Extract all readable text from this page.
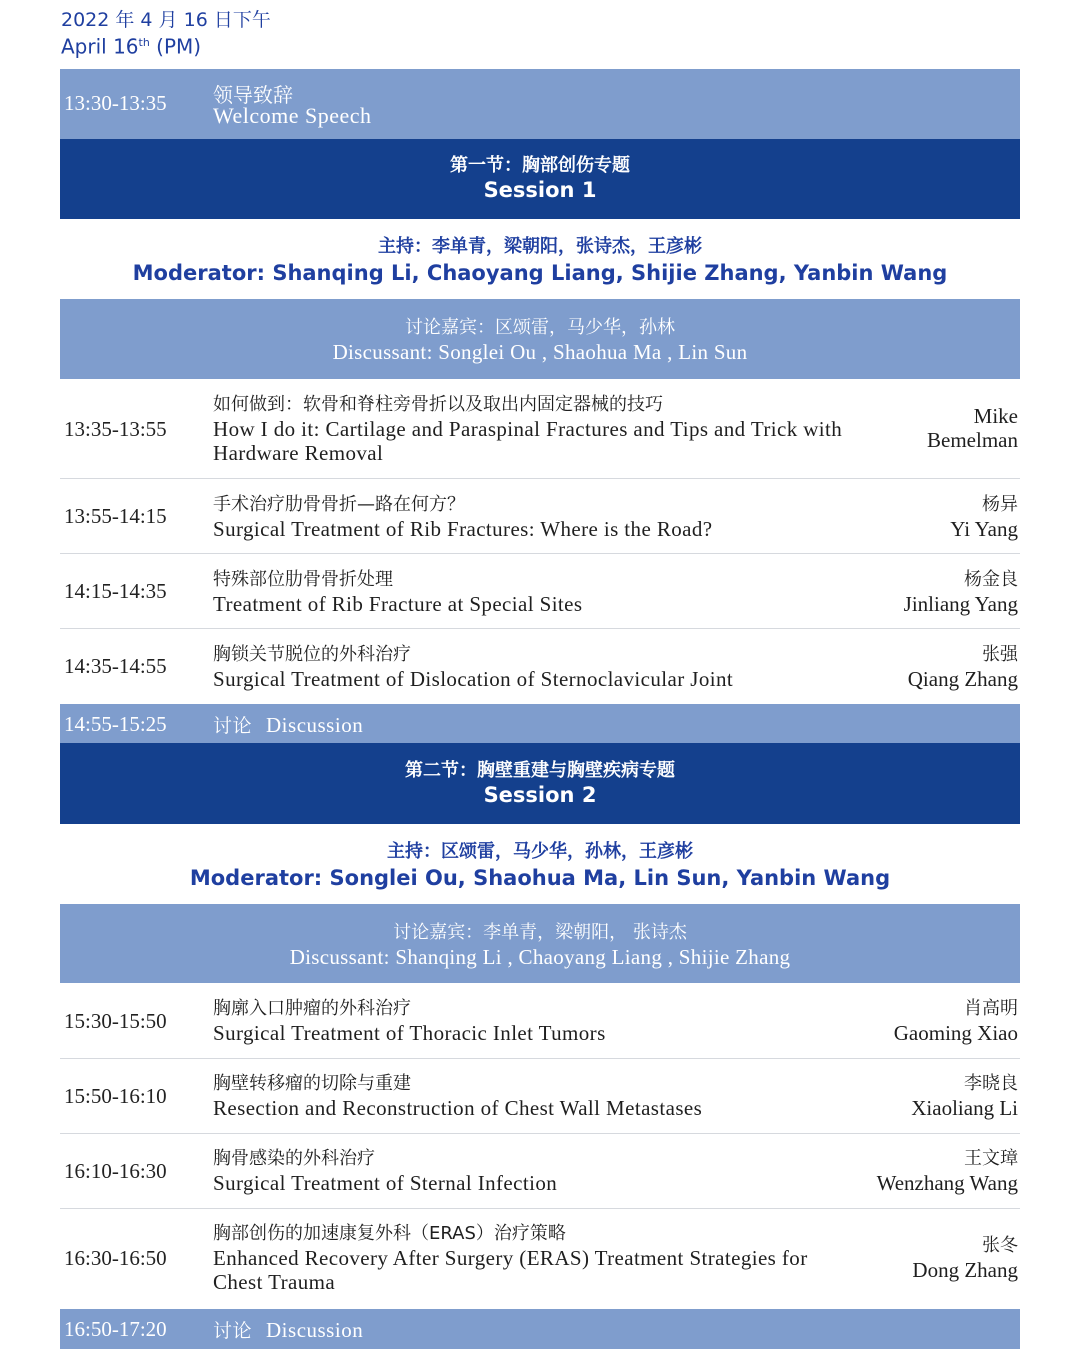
2022 年 4 月 16 日下午
April 16th (PM)
13:30-13:35 领导致辞
Welcome Speech
第一节：胸部创伤专题
Session 1
主持：李单青，梁朝阳，张诗杰，王彦彬
Moderator: Shanqing Li, Chaoyang Liang, Shijie Zhang, Yanbin Wang
讨论嘉宾：区颂雷，马少华，孙林
Discussant: Songlei Ou , Shaohua Ma , Lin Sun
13:35-13:55
如何做到：软骨和脊柱旁骨折以及取出内固定器械的技巧
How I do it: Cartilage and Paraspinal Fractures and Tips and Trick with Hardware Removal
Mike
Bemelman
13:55-14:15	手术治疗肋骨骨折—路在何方？
Surgical Treatment of Rib Fractures: Where is the Road?
杨异
Yi Yang
14:15-14:35	特殊部位肋骨骨折处理
Treatment of Rib Fracture at Special Sites
杨金良
Jinliang Yang
14:35-14:55	胸锁关节脱位的外科治疗
Surgical Treatment of Dislocation of Sternoclavicular Joint
张强
Qiang Zhang
14:55-15:25 讨论 Discussion
第二节：胸壁重建与胸壁疾病专题
Session 2
主持：区颂雷，马少华，孙林，王彦彬
Moderator: Songlei Ou, Shaohua Ma, Lin Sun, Yanbin Wang
讨论嘉宾：李单青，梁朝阳， 张诗杰
Discussant: Shanqing Li , Chaoyang Liang , Shijie Zhang
15:30-15:50
胸廓入口肿瘤的外科治疗
Surgical Treatment of Thoracic Inlet Tumors
肖高明
Gaoming Xiao
15:50-16:10
胸壁转移瘤的切除与重建
Resection and Reconstruction of Chest Wall Metastases
李晓良
Xiaoliang Li
16:10-16:30
胸骨感染的外科治疗
Surgical Treatment of Sternal Infection
王文璋
Wenzhang Wang
16:30-16:50
胸部创伤的加速康复外科（ERAS）治疗策略
Enhanced Recovery After Surgery (ERAS) Treatment Strategies for Chest Trauma
张冬
Dong Zhang
16:50-17:20 讨论 Discussion
